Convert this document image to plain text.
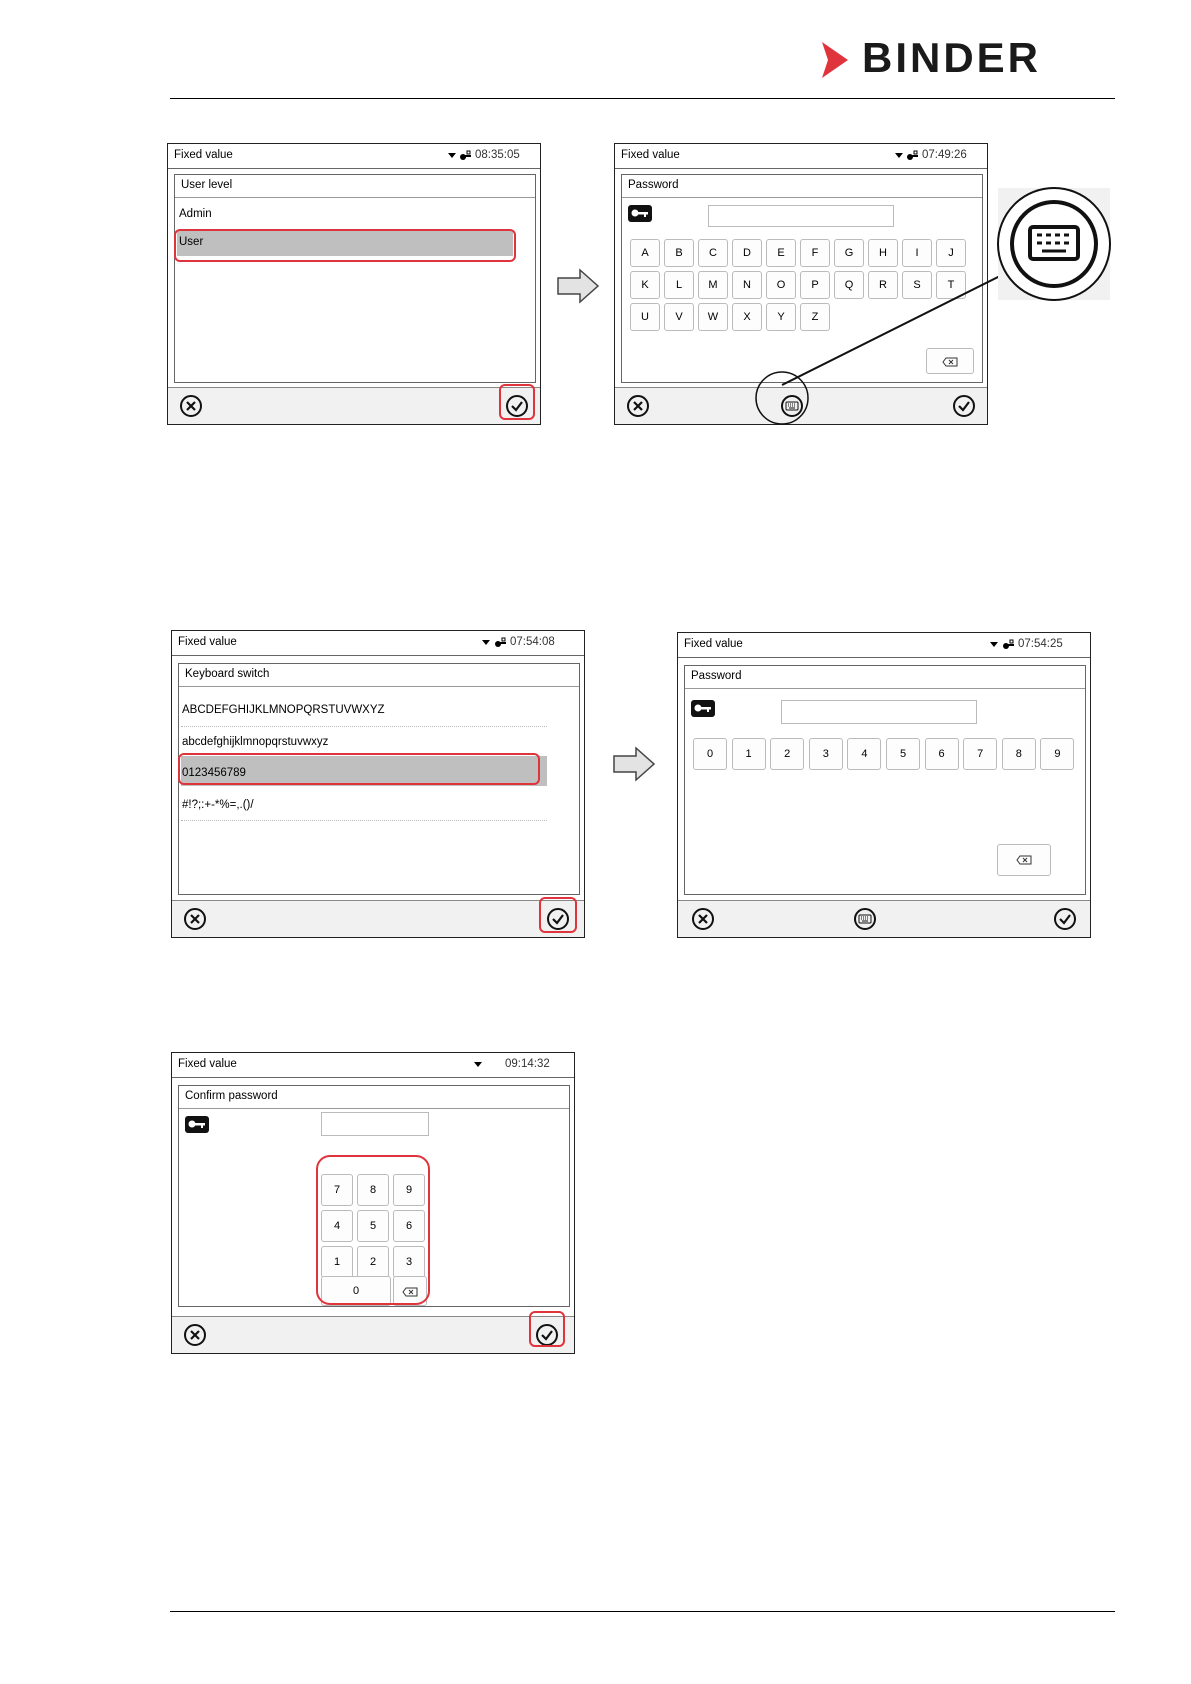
BINDER
Fixed value	08:35:05
User level
Admin
User
Fixed value	07:49:26
Password
A	B	C	D	E	F	G	H	I	J
K	L	M	N	O	P	Q	R	S	T
U	V	W	X	Y	Z
Fixed value	07:54:08
Keyboard switch
ABCDEFGHIJKLMNOPQRSTUVWXYZ
abcdefghijklmnopqrstuvwxyz
0123456789
#!?;:+-*%=,.()/
Fixed value	07:54:25
Password
0	1	2	3	4	5	6	7	8	9
Fixed value	09:14:32
Confirm password
7	8	9
4	5	6
1	2	3
0
